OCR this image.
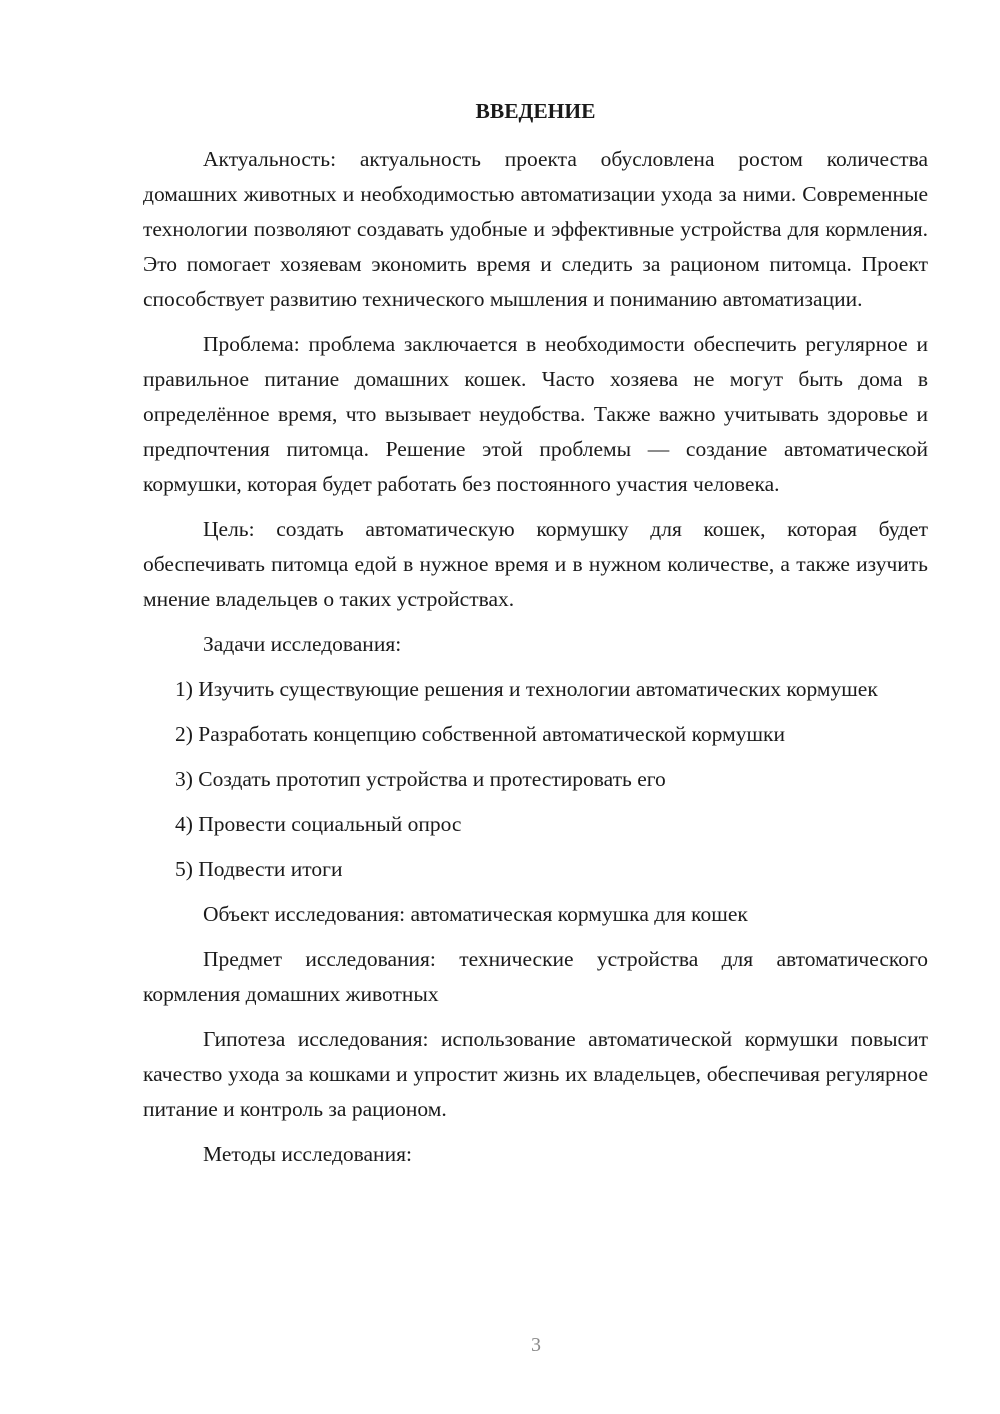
ВВЕДЕНИЕ

Актуальность: актуальность проекта обусловлена ростом количества домашних животных и необходимостью автоматизации ухода за ними. Современные технологии позволяют создавать удобные и эффективные устройства для кормления. Это помогает хозяевам экономить время и следить за рационом питомца. Проект способствует развитию технического мышления и пониманию автоматизации.

Проблема: проблема заключается в необходимости обеспечить регулярное и правильное питание домашних кошек. Часто хозяева не могут быть дома в определённое время, что вызывает неудобства. Также важно учитывать здоровье и предпочтения питомца. Решение этой проблемы — создание автоматической кормушки, которая будет работать без постоянного участия человека.

Цель: создать автоматическую кормушку для кошек, которая будет обеспечивать питомца едой в нужное время и в нужном количестве, а также изучить мнение владельцев о таких устройствах.

Задачи исследования:

1) Изучить существующие решения и технологии автоматических кормушек

2) Разработать концепцию собственной автоматической кормушки

3) Создать прототип устройства и протестировать его

4) Провести социальный опрос

5) Подвести итоги

Объект исследования: автоматическая кормушка для кошек

Предмет исследования: технические устройства для автоматического кормления домашних животных

Гипотеза исследования: использование автоматической кормушки повысит качество ухода за кошками и упростит жизнь их владельцев, обеспечивая регулярное питание и контроль за рационом.

Методы исследования:

3
